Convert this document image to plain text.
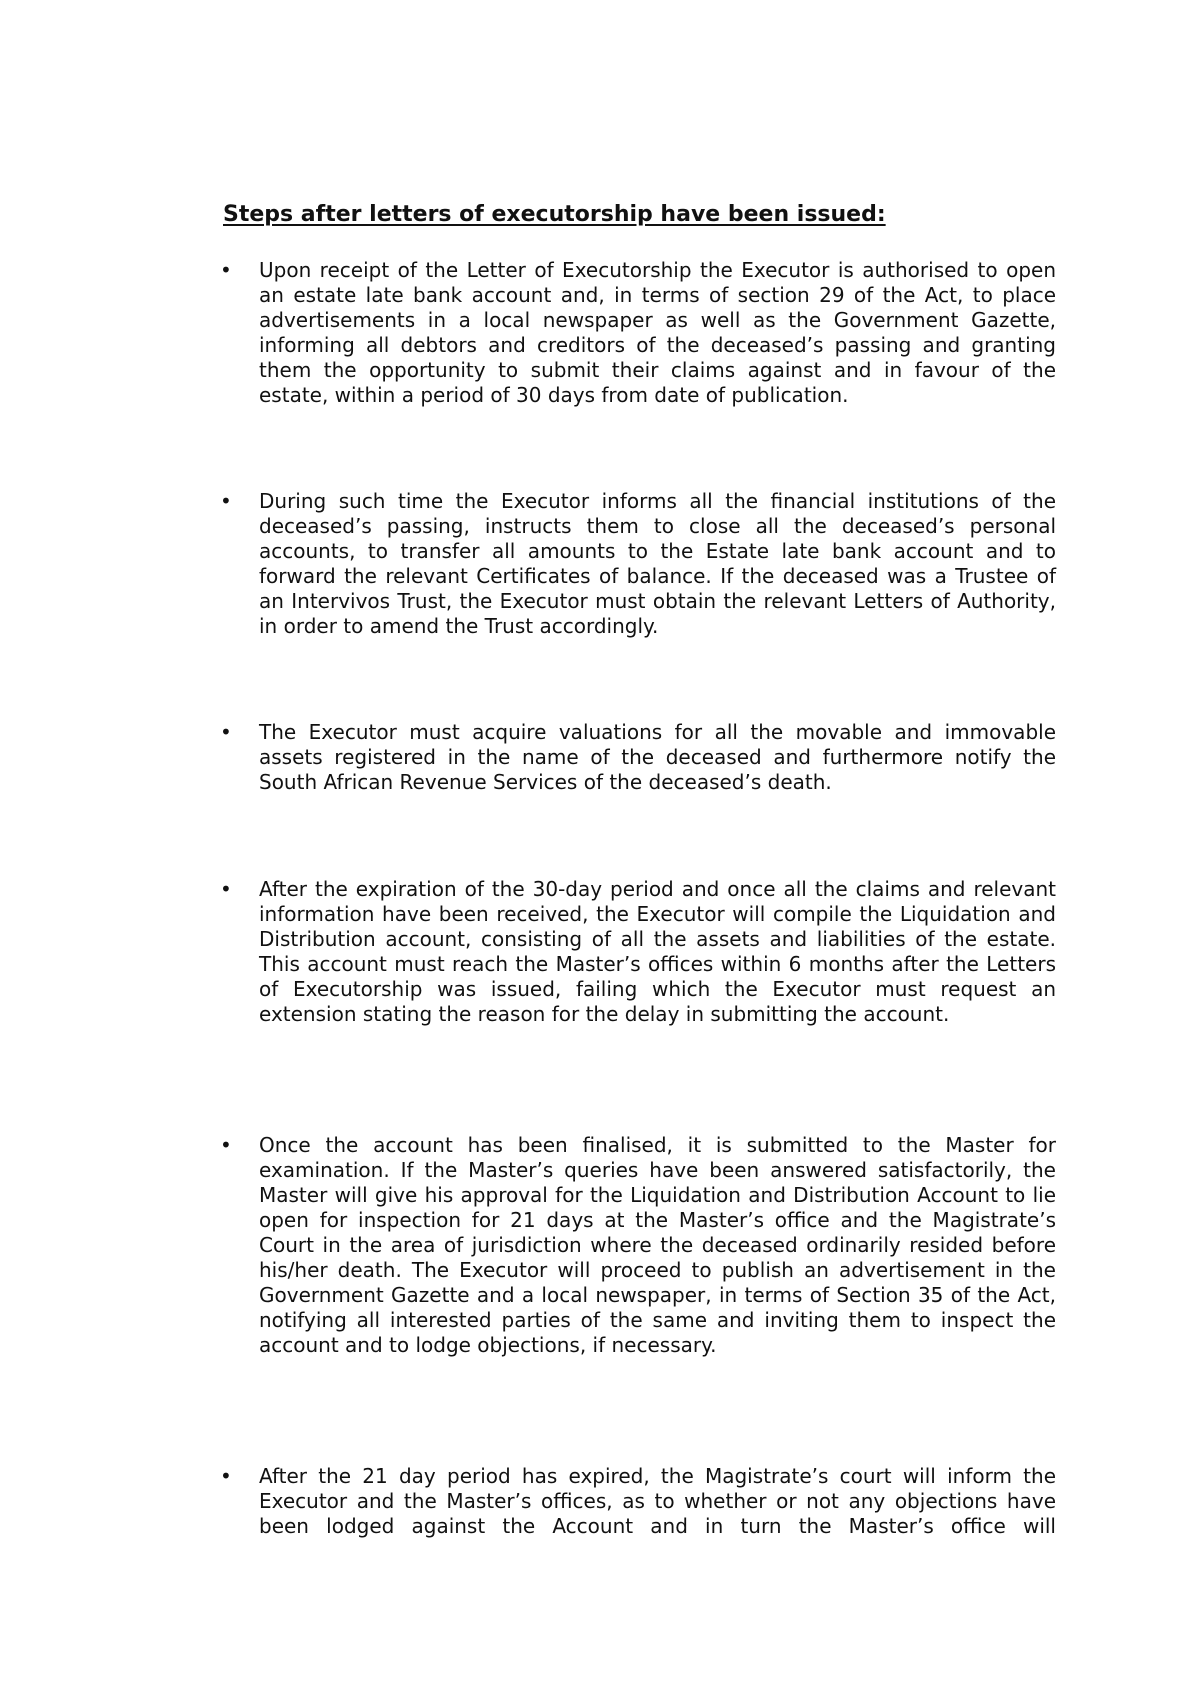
Steps after letters of executorship have been issued:
• Upon receipt of the Letter of Executorship the Executor is authorised to open an estate late bank account and, in terms of section 29 of the Act, to place advertisements in a local newspaper as well as the Government Gazette, informing all debtors and creditors of the deceased’s passing and granting them the opportunity to submit their claims against and in favour of the estate, within a period of 30 days from date of publication.

• During such time the Executor informs all the financial institutions of the deceased’s passing, instructs them to close all the deceased’s personal accounts, to transfer all amounts to the Estate late bank account and to forward the relevant Certificates of balance. If the deceased was a Trustee of an Intervivos Trust, the Executor must obtain the relevant Letters of Authority, in order to amend the Trust accordingly.

• The Executor must acquire valuations for all the movable and immovable assets registered in the name of the deceased and furthermore notify the South African Revenue Services of the deceased’s death.

• After the expiration of the 30-day period and once all the claims and relevant information have been received, the Executor will compile the Liquidation and Distribution account, consisting of all the assets and liabilities of the estate. This account must reach the Master’s offices within 6 months after the Letters of Executorship was issued, failing which the Executor must request an extension stating the reason for the delay in submitting the account.

• Once the account has been finalised, it is submitted to the Master for examination. If the Master’s queries have been answered satisfactorily, the Master will give his approval for the Liquidation and Distribution Account to lie open for inspection for 21 days at the Master’s office and the Magistrate’s Court in the area of jurisdiction where the deceased ordinarily resided before his/her death. The Executor will proceed to publish an advertisement in the Government Gazette and a local newspaper, in terms of Section 35 of the Act, notifying all interested parties of the same and inviting them to inspect the account and to lodge objections, if necessary.

• After the 21 day period has expired, the Magistrate’s court will inform the Executor and the Master’s offices, as to whether or not any objections have been lodged against the Account and in turn the Master’s office will
